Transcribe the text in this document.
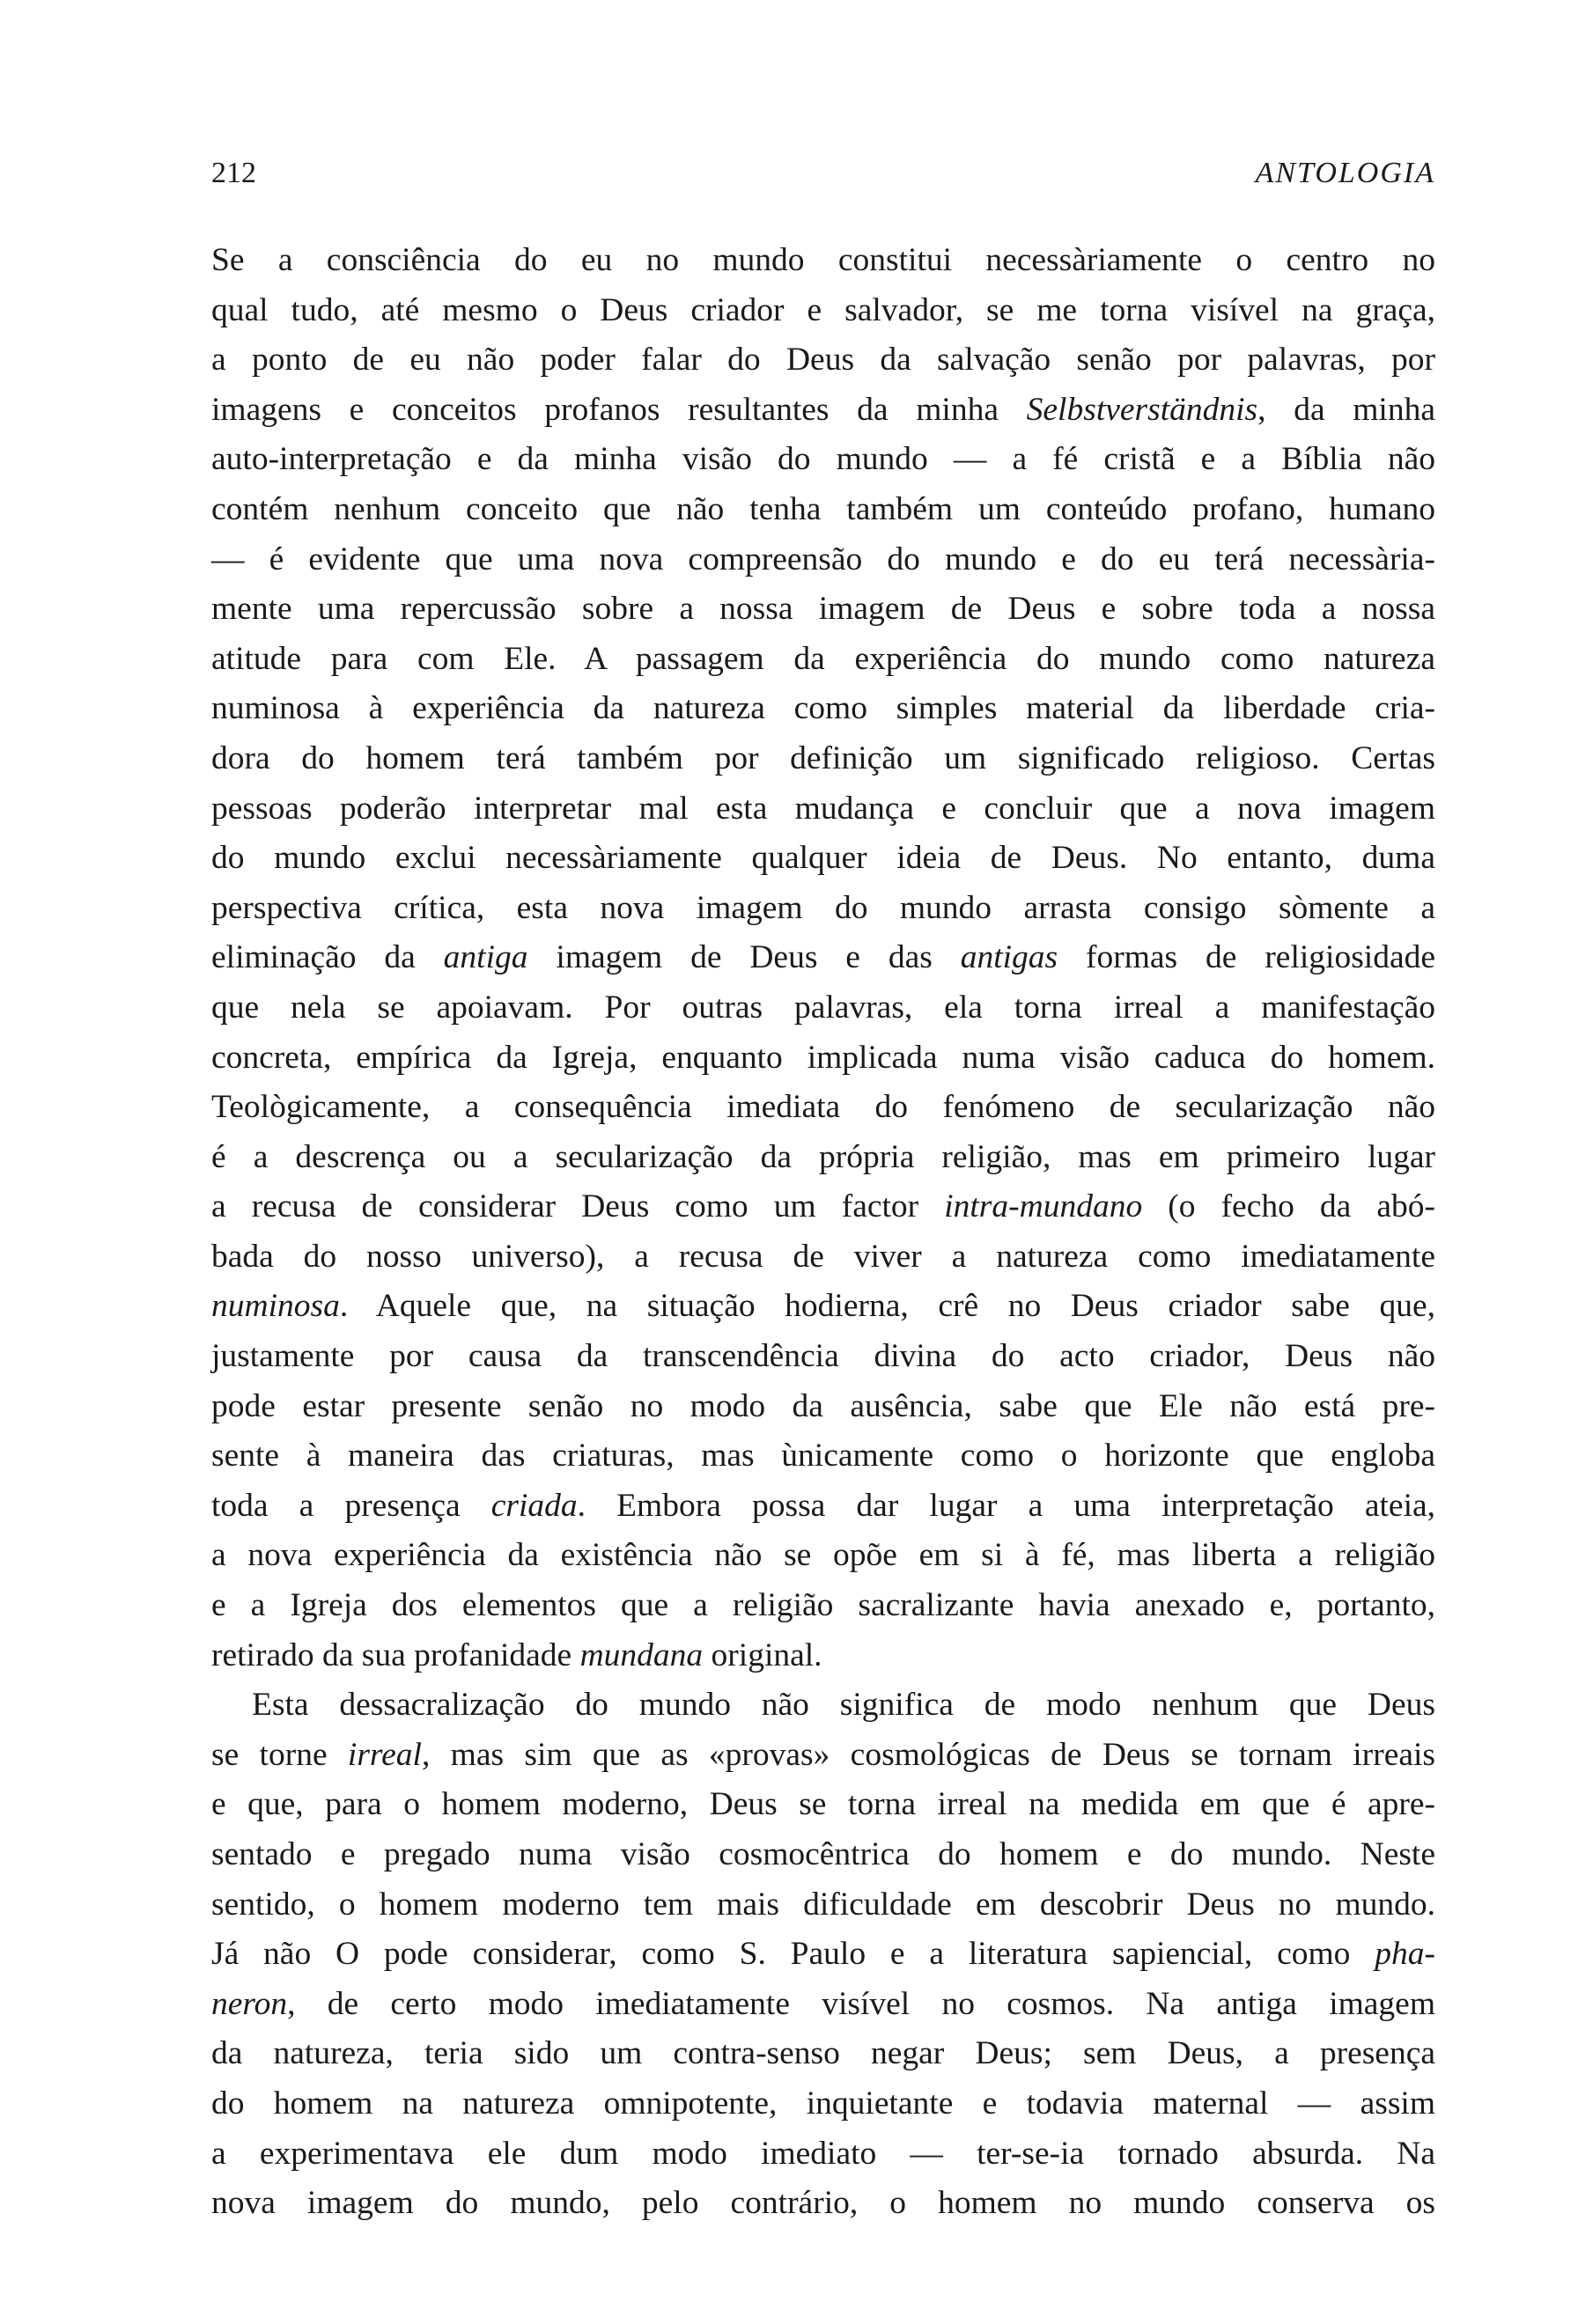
212	ANTOLOGIA
Se a consciência do eu no mundo constitui necessàriamente o centro no
qual tudo, até mesmo o Deus criador e salvador, se me torna visível na graça,
a ponto de eu não poder falar do Deus da salvação senão por palavras, por
imagens e conceitos profanos resultantes da minha Selbstverständnis, da minha
auto-interpretação e da minha visão do mundo — a fé cristã e a Bíblia não
contém nenhum conceito que não tenha também um conteúdo profano, humano
— é evidente que uma nova compreensão do mundo e do eu terá necessària-
mente uma repercussão sobre a nossa imagem de Deus e sobre toda a nossa
atitude para com Ele. A passagem da experiência do mundo como natureza
numinosa à experiência da natureza como simples material da liberdade cria-
dora do homem terá também por definição um significado religioso. Certas
pessoas poderão interpretar mal esta mudança e concluir que a nova imagem
do mundo exclui necessàriamente qualquer ideia de Deus. No entanto, duma
perspectiva crítica, esta nova imagem do mundo arrasta consigo sòmente a
eliminação da antiga imagem de Deus e das antigas formas de religiosidade
que nela se apoiavam. Por outras palavras, ela torna irreal a manifestação
concreta, empírica da Igreja, enquanto implicada numa visão caduca do homem.
Teològicamente, a consequência imediata do fenómeno de secularização não
é a descrença ou a secularização da própria religião, mas em primeiro lugar
a recusa de considerar Deus como um factor intra-mundano (o fecho da abó-
bada do nosso universo), a recusa de viver a natureza como imediatamente
numinosa. Aquele que, na situação hodierna, crê no Deus criador sabe que,
justamente por causa da transcendência divina do acto criador, Deus não
pode estar presente senão no modo da ausência, sabe que Ele não está pre-
sente à maneira das criaturas, mas ùnicamente como o horizonte que engloba
toda a presença criada. Embora possa dar lugar a uma interpretação ateia,
a nova experiência da existência não se opõe em si à fé, mas liberta a religião
e a Igreja dos elementos que a religião sacralizante havia anexado e, portanto,
retirado da sua profanidade mundana original.
Esta dessacralização do mundo não significa de modo nenhum que Deus
se torne irreal, mas sim que as «provas» cosmológicas de Deus se tornam irreais
e que, para o homem moderno, Deus se torna irreal na medida em que é apre-
sentado e pregado numa visão cosmocêntrica do homem e do mundo. Neste
sentido, o homem moderno tem mais dificuldade em descobrir Deus no mundo.
Já não O pode considerar, como S. Paulo e a literatura sapiencial, como pha-
neron, de certo modo imediatamente visível no cosmos. Na antiga imagem
da natureza, teria sido um contra-senso negar Deus; sem Deus, a presença
do homem na natureza omnipotente, inquietante e todavia maternal — assim
a experimentava ele dum modo imediato — ter-se-ia tornado absurda. Na
nova imagem do mundo, pelo contrário, o homem no mundo conserva os
